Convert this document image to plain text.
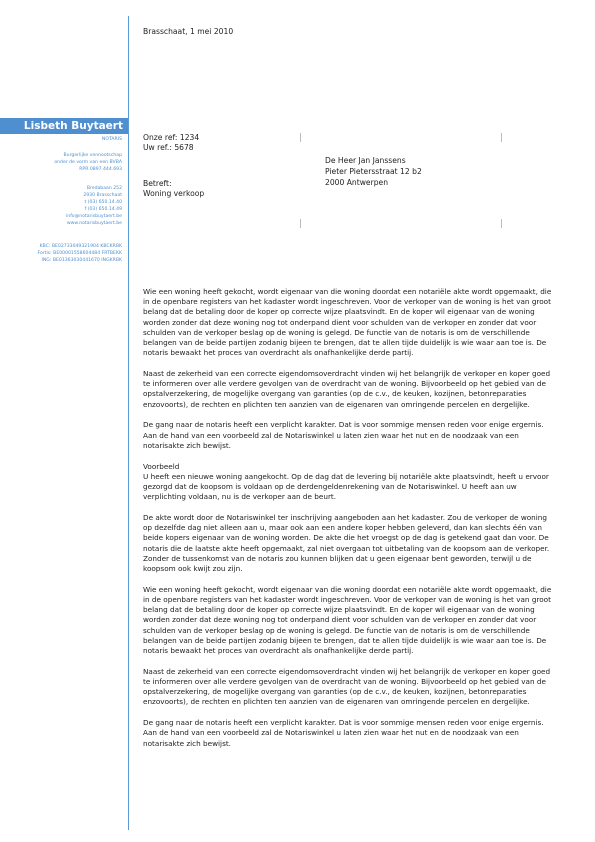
Brasschaat, 1 mei 2010
Lisbeth Buytaert
NOTARIS
Burgerlijke vennootschap
onder de vorm van een BVBA
RPR 0897.444.693
Bredabaan 252
2930 Brasschaat
t (03) 650.14.40
f (03) 650.14.49
info@notarisbuytaert.be
www.notarisbuytaert.be
KBC: BE02733049321904 KBCKRBK
Fortis: BE00001558604484 FRTBEKK
ING: BE01363030441670 INGKRBK
Onze ref: 1234
Uw ref.: 5678
Betreft:
Woning verkoop
De Heer Jan Janssens
Pieter Pietersstraat 12 b2
2000 Antwerpen

Wie een woning heeft gekocht, wordt eigenaar van die woning doordat een notariële akte wordt opgemaakt, die in de openbare registers van het kadaster wordt ingeschreven. Voor de verkoper van de woning is het van groot belang dat de betaling door de koper op correcte wijze plaatsvindt. En de koper wil eigenaar van de woning worden zonder dat deze woning nog tot onderpand dient voor schulden van de verkoper en zonder dat voor schulden van de verkoper beslag op de woning is gelegd. De functie van de notaris is om de verschillende belangen van de beide partijen zodanig bijeen te brengen, dat te allen tijde duidelijk is wie waar aan toe is. De notaris bewaakt het proces van overdracht als onafhankelijke derde partij.

Naast de zekerheid van een correcte eigendomsoverdracht vinden wij het belangrijk de verkoper en koper goed te informeren over alle verdere gevolgen van de overdracht van de woning. Bijvoorbeeld op het gebied van de opstalverzekering, de mogelijke overgang van garanties (op de c.v., de keuken, kozijnen, betonreparaties enzovoorts), de rechten en plichten ten aanzien van de eigenaren van omringende percelen en dergelijke.

De gang naar de notaris heeft een verplicht karakter. Dat is voor sommige mensen reden voor enige ergernis. Aan de hand van een voorbeeld zal de Notariswinkel u laten zien waar het nut en de noodzaak van een notarisakte zich bewijst.

Voorbeeld

U heeft een nieuwe woning aangekocht. Op de dag dat de levering bij notariële akte plaatsvindt, heeft u ervoor gezorgd dat de koopsom is voldaan op de derdengeldenrekening van de Notariswinkel. U heeft aan uw verplichting voldaan, nu is de verkoper aan de beurt.

De akte wordt door de Notariswinkel ter inschrijving aangeboden aan het kadaster. Zou de verkoper de woning op dezelfde dag niet alleen aan u, maar ook aan een andere koper hebben geleverd, dan kan slechts één van beide kopers eigenaar van de woning worden. De akte die het vroegst op de dag is getekend gaat dan voor. De notaris die de laatste akte heeft opgemaakt, zal niet overgaan tot uitbetaling van de koopsom aan de verkoper. Zonder de tussenkomst van de notaris zou kunnen blijken dat u geen eigenaar bent geworden, terwijl u de koopsom ook kwijt zou zijn.

Wie een woning heeft gekocht, wordt eigenaar van die woning doordat een notariële akte wordt opgemaakt, die in de openbare registers van het kadaster wordt ingeschreven. Voor de verkoper van de woning is het van groot belang dat de betaling door de koper op correcte wijze plaatsvindt. En de koper wil eigenaar van de woning worden zonder dat deze woning nog tot onderpand dient voor schulden van de verkoper en zonder dat voor schulden van de verkoper beslag op de woning is gelegd. De functie van de notaris is om de verschillende belangen van de beide partijen zodanig bijeen te brengen, dat te allen tijde duidelijk is wie waar aan toe is. De notaris bewaakt het proces van overdracht als onafhankelijke derde partij.

Naast de zekerheid van een correcte eigendomsoverdracht vinden wij het belangrijk de verkoper en koper goed te informeren over alle verdere gevolgen van de overdracht van de woning. Bijvoorbeeld op het gebied van de opstalverzekering, de mogelijke overgang van garanties (op de c.v., de keuken, kozijnen, betonreparaties enzovoorts), de rechten en plichten ten aanzien van de eigenaren van omringende percelen en dergelijke.

De gang naar de notaris heeft een verplicht karakter. Dat is voor sommige mensen reden voor enige ergernis. Aan de hand van een voorbeeld zal de Notariswinkel u laten zien waar het nut en de noodzaak van een notarisakte zich bewijst.
